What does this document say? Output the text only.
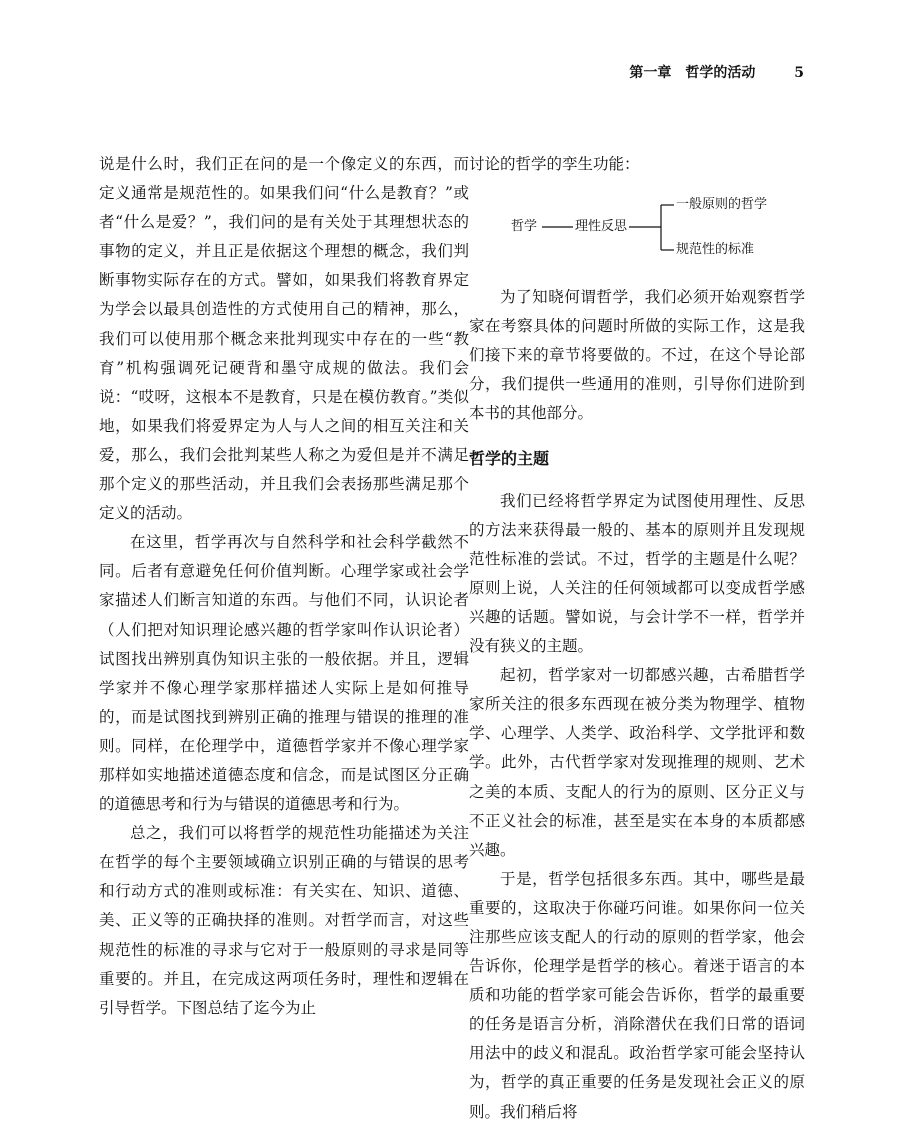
第一章　哲学的活动	5

说是什么时，我们正在问的是一个像定义的东西，而定义通常是规范性的。如果我们问“什么是教育？”或者“什么是爱？”，我们问的是有关处于其理想状态的事物的定义，并且正是依据这个理想的概念，我们判断事物实际存在的方式。譬如，如果我们将教育界定为学会以最具创造性的方式使用自己的精神，那么，我们可以使用那个概念来批判现实中存在的一些“教育”机构强调死记硬背和墨守成规的做法。我们会说：“哎呀，这根本不是教育，只是在模仿教育。”类似地，如果我们将爱界定为人与人之间的相互关注和关爱，那么，我们会批判某些人称之为爱但是并不满足那个定义的那些活动，并且我们会表扬那些满足那个定义的活动。

在这里，哲学再次与自然科学和社会科学截然不同。后者有意避免任何价值判断。心理学家或社会学家描述人们断言知道的东西。与他们不同，认识论者（人们把对知识理论感兴趣的哲学家叫作认识论者）试图找出辨别真伪知识主张的一般依据。并且，逻辑学家并不像心理学家那样描述人实际上是如何推导的，而是试图找到辨别正确的推理与错误的推理的准则。同样，在伦理学中，道德哲学家并不像心理学家那样如实地描述道德态度和信念，而是试图区分正确的道德思考和行为与错误的道德思考和行为。

总之，我们可以将哲学的规范性功能描述为关注在哲学的每个主要领域确立识别正确的与错误的思考和行动方式的准则或标准：有关实在、知识、道德、美、正义等的正确抉择的准则。对哲学而言，对这些规范性的标准的寻求与它对于一般原则的寻求是同等重要的。并且，在完成这两项任务时，理性和逻辑在引导哲学。下图总结了迄今为止

讨论的哲学的孪生功能：

哲学	理性反思
一般原则的哲学
规范性的标准

为了知晓何谓哲学，我们必须开始观察哲学家在考察具体的问题时所做的实际工作，这是我们接下来的章节将要做的。不过，在这个导论部分，我们提供一些通用的准则，引导你们进阶到本书的其他部分。

哲学的主题

我们已经将哲学界定为试图使用理性、反思的方法来获得最一般的、基本的原则并且发现规范性标准的尝试。不过，哲学的主题是什么呢？原则上说，人关注的任何领域都可以变成哲学感兴趣的话题。譬如说，与会计学不一样，哲学并没有狭义的主题。

起初，哲学家对一切都感兴趣，古希腊哲学家所关注的很多东西现在被分类为物理学、植物学、心理学、人类学、政治科学、文学批评和数学。此外，古代哲学家对发现推理的规则、艺术之美的本质、支配人的行为的原则、区分正义与不正义社会的标准，甚至是实在本身的本质都感兴趣。

于是，哲学包括很多东西。其中，哪些是最重要的，这取决于你碰巧问谁。如果你问一位关注那些应该支配人的行动的原则的哲学家，他会告诉你，伦理学是哲学的核心。着迷于语言的本质和功能的哲学家可能会告诉你，哲学的最重要的任务是语言分析，消除潜伏在我们日常的语词用法中的歧义和混乱。政治哲学家可能会坚持认为，哲学的真正重要的任务是发现社会正义的原则。我们稍后将
